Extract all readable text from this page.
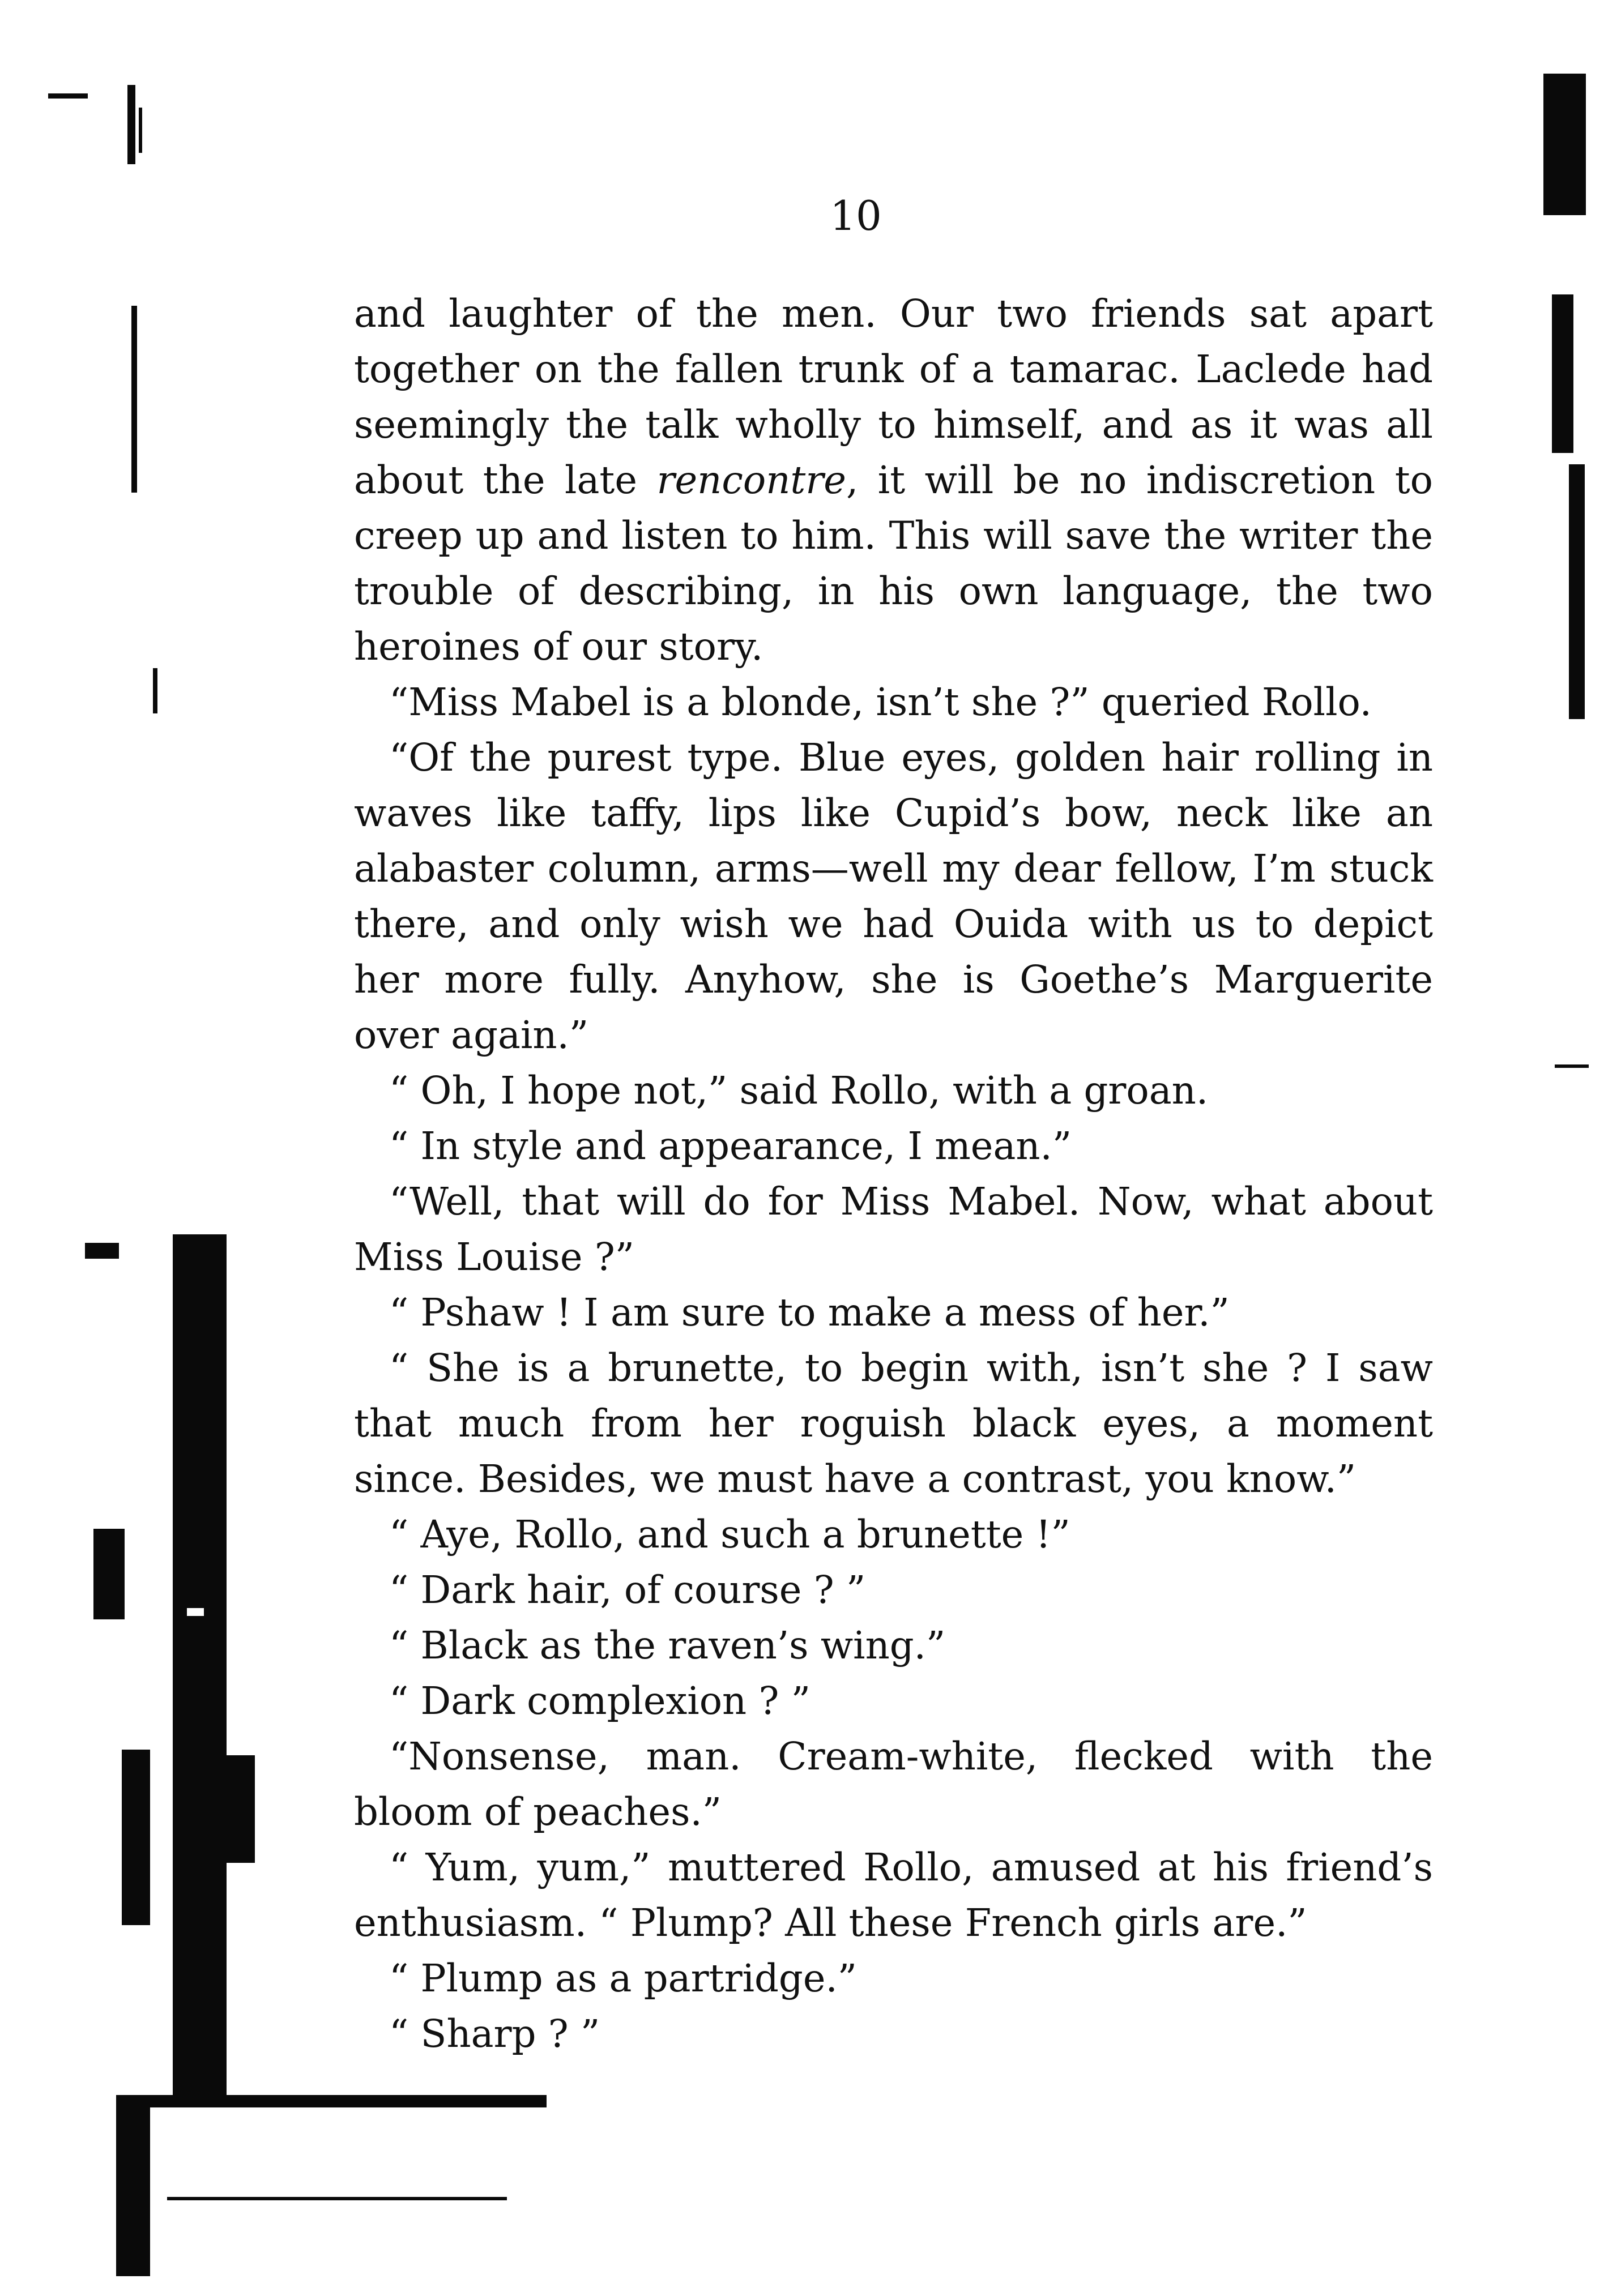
10

and laughter of the men. Our two friends sat apart together on the fallen trunk of a tamarac. Laclede had seemingly the talk wholly to himself, and as it was all about the late rencontre, it will be no indiscretion to creep up and listen to him. This will save the writer the trouble of describing, in his own language, the two heroines of our story.

“Miss Mabel is a blonde, isn’t she ?” queried Rollo.

“Of the purest type. Blue eyes, golden hair rolling in waves like taffy, lips like Cupid’s bow, neck like an alabaster column, arms—well my dear fellow, I’m stuck there, and only wish we had Ouida with us to depict her more fully. Anyhow, she is Goethe’s Marguerite over again.”

“ Oh, I hope not,” said Rollo, with a groan.

“ In style and appearance, I mean.”

“Well, that will do for Miss Mabel. Now, what about Miss Louise ?”

“ Pshaw ! I am sure to make a mess of her.”

“ She is a brunette, to begin with, isn’t she ? I saw that much from her roguish black eyes, a moment since. Besides, we must have a contrast, you know.”

“ Aye, Rollo, and such a brunette !”

“ Dark hair, of course ? ”

“ Black as the raven’s wing.”

“ Dark complexion ? ”

“Nonsense, man. Cream-white, flecked with the bloom of peaches.”

“ Yum, yum,” muttered Rollo, amused at his friend’s enthusiasm. “ Plump? All these French girls are.”

“ Plump as a partridge.”

“ Sharp ? ”
